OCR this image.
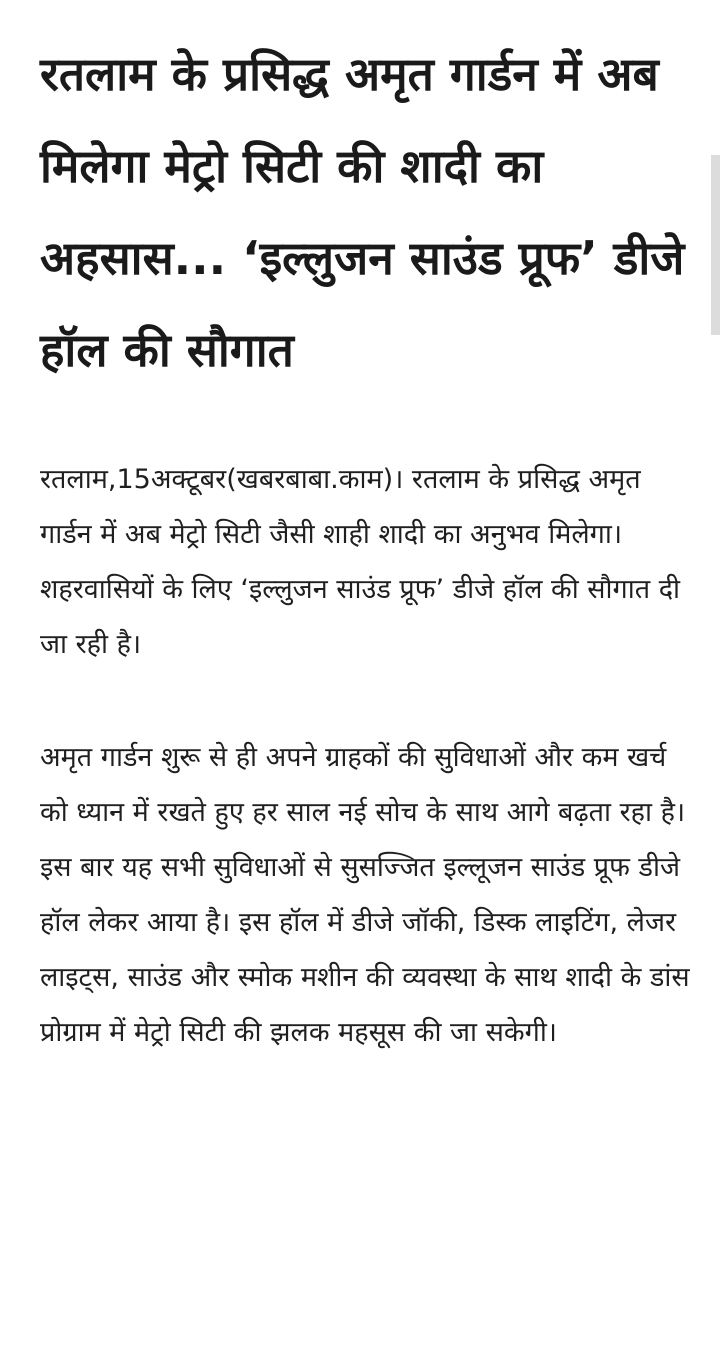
रतलाम के प्रसिद्ध अमृत गार्डन में अब मिलेगा मेट्रो सिटी की शादी का अहसास... ‘इल्लुजन साउंड प्रूफ’ डीजे हॉल की सौगात

रतलाम,15अक्टूबर(खबरबाबा.काम)। रतलाम के प्रसिद्ध अमृत गार्डन में अब मेट्रो सिटी जैसी शाही शादी का अनुभव मिलेगा। शहरवासियों के लिए ‘इल्लुजन साउंड प्रूफ’ डीजे हॉल की सौगात दी जा रही है।

अमृत गार्डन शुरू से ही अपने ग्राहकों की सुविधाओं और कम खर्च को ध्यान में रखते हुए हर साल नई सोच के साथ आगे बढ़ता रहा है। इस बार यह सभी सुविधाओं से सुसज्जित इल्लूजन साउंड प्रूफ डीजे हॉल लेकर आया है। इस हॉल में डीजे जॉकी, डिस्क लाइटिंग, लेजर लाइट्स, साउंड और स्मोक मशीन की व्यवस्था के साथ शादी के डांस प्रोग्राम में मेट्रो सिटी की झलक महसूस की जा सकेगी।
